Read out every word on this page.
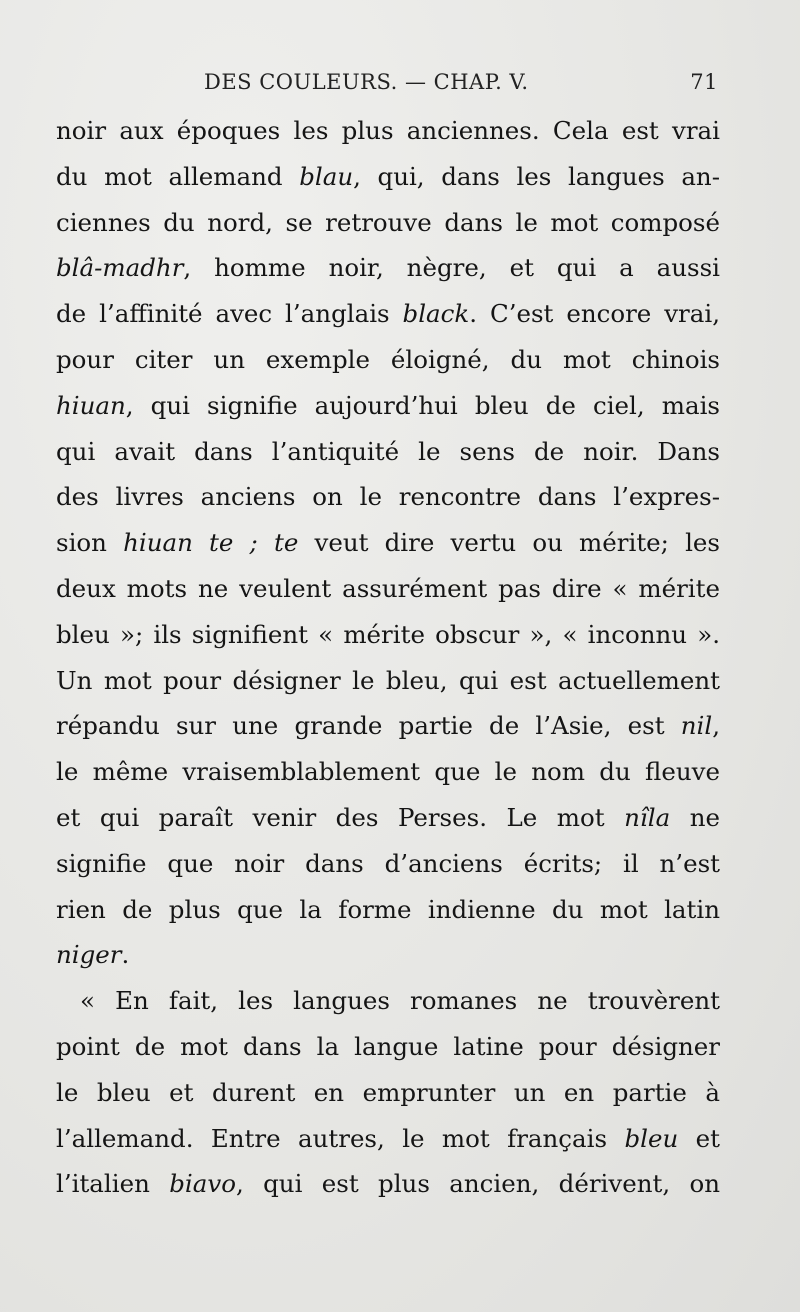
DES COULEURS. — CHAP. V.	71
noir aux époques les plus anciennes. Cela est vrai
du mot allemand blau, qui, dans les langues an-
ciennes du nord, se retrouve dans le mot composé
blâ-madhr, homme noir, nègre, et qui a aussi
de l’affinité avec l’anglais black. C’est encore vrai,
pour citer un exemple éloigné, du mot chinois
hiuan, qui signifie aujourd’hui bleu de ciel, mais
qui avait dans l’antiquité le sens de noir. Dans
des livres anciens on le rencontre dans l’expres-
sion hiuan te ; te veut dire vertu ou mérite; les
deux mots ne veulent assurément pas dire « mérite
bleu »; ils signifient « mérite obscur », « inconnu ».
Un mot pour désigner le bleu, qui est actuellement
répandu sur une grande partie de l’Asie, est nil,
le même vraisemblablement que le nom du fleuve
et qui paraît venir des Perses. Le mot nîla ne
signifie que noir dans d’anciens écrits; il n’est
rien de plus que la forme indienne du mot latin
niger.
« En fait, les langues romanes ne trouvèrent
point de mot dans la langue latine pour désigner
le bleu et durent en emprunter un en partie à
l’allemand. Entre autres, le mot français bleu et
l’italien biavo, qui est plus ancien, dérivent, on
